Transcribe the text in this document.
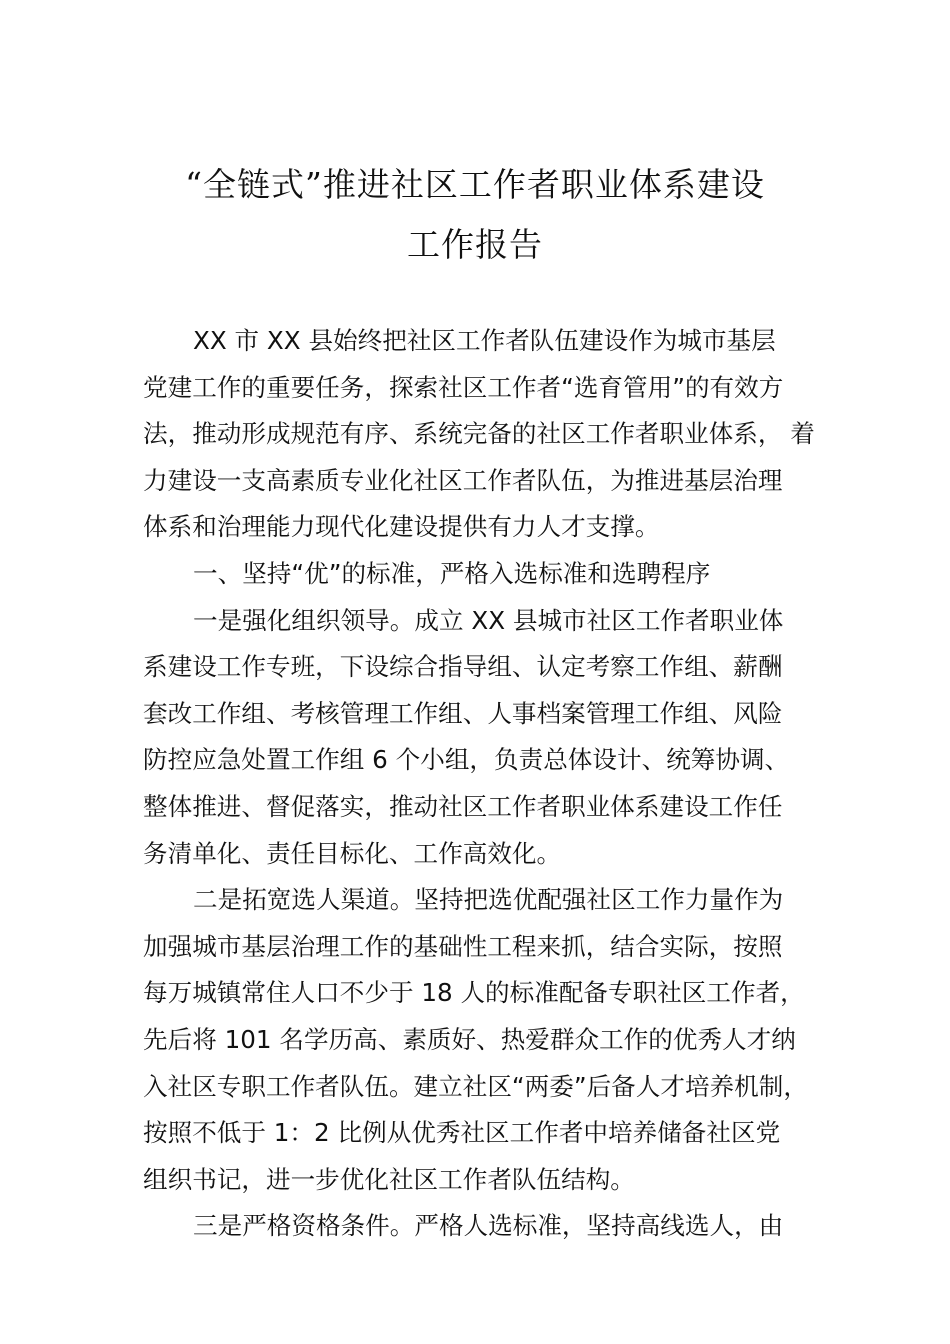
“全链式”推进社区工作者职业体系建设
工作报告
XX 市 XX 县始终把社区工作者队伍建设作为城市基层
党建工作的重要任务，探索社区工作者“选育管用”的有效方
法，推动形成规范有序、系统完备的社区工作者职业体系， 着
力建设一支高素质专业化社区工作者队伍，为推进基层治理
体系和治理能力现代化建设提供有力人才支撑。
一、坚持“优”的标准，严格入选标准和选聘程序
一是强化组织领导。成立 XX 县城市社区工作者职业体
系建设工作专班，下设综合指导组、认定考察工作组、薪酬
套改工作组、考核管理工作组、人事档案管理工作组、风险
防控应急处置工作组 6 个小组，负责总体设计、统筹协调、
整体推进、督促落实，推动社区工作者职业体系建设工作任
务清单化、责任目标化、工作高效化。
二是拓宽选人渠道。坚持把选优配强社区工作力量作为
加强城市基层治理工作的基础性工程来抓，结合实际，按照
每万城镇常住人口不少于 18 人的标准配备专职社区工作者，
先后将 101 名学历高、素质好、热爱群众工作的优秀人才纳
入社区专职工作者队伍。建立社区“两委”后备人才培养机制，
按照不低于 1：2 比例从优秀社区工作者中培养储备社区党
组织书记，进一步优化社区工作者队伍结构。
三是严格资格条件。严格人选标准，坚持高线选人，由
